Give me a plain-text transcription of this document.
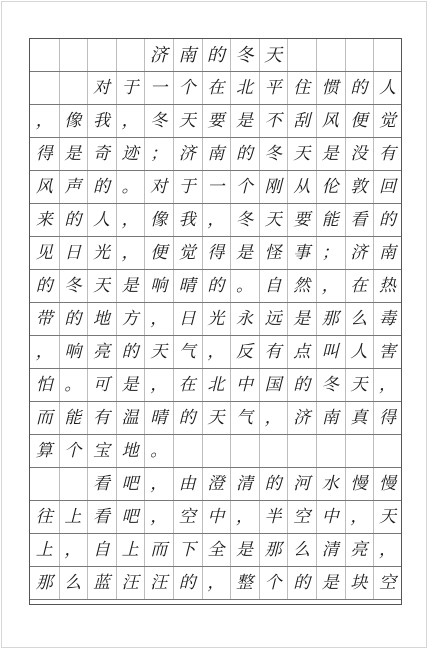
济 南 的 冬 天
对 于 一 个 在 北 平 住 惯 的 人
， 像 我 ， 冬 天 要 是 不 刮 风 便 觉
得 是 奇 迹 ； 济 南 的 冬 天 是 没 有
风 声 的 。 对 于 一 个 刚 从 伦 敦 回
来 的 人 ， 像 我 ， 冬 天 要 能 看 的
见 日 光 ， 便 觉 得 是 怪 事 ； 济 南
的 冬 天 是 响 晴 的 。 自 然 ， 在 热
带 的 地 方 ， 日 光 永 远 是 那 么 毒
， 响 亮 的 天 气 ， 反 有 点 叫 人 害
怕 。 可 是 ， 在 北 中 国 的 冬 天 ，
而 能 有 温 晴 的 天 气 ， 济 南 真 得
算 个 宝 地 。
看 吧 ， 由 澄 清 的 河 水 慢 慢
往 上 看 吧 ， 空 中 ， 半 空 中 ， 天
上 ， 自 上 而 下 全 是 那 么 清 亮 ，
那 么 蓝 汪 汪 的 ， 整 个 的 是 块 空
